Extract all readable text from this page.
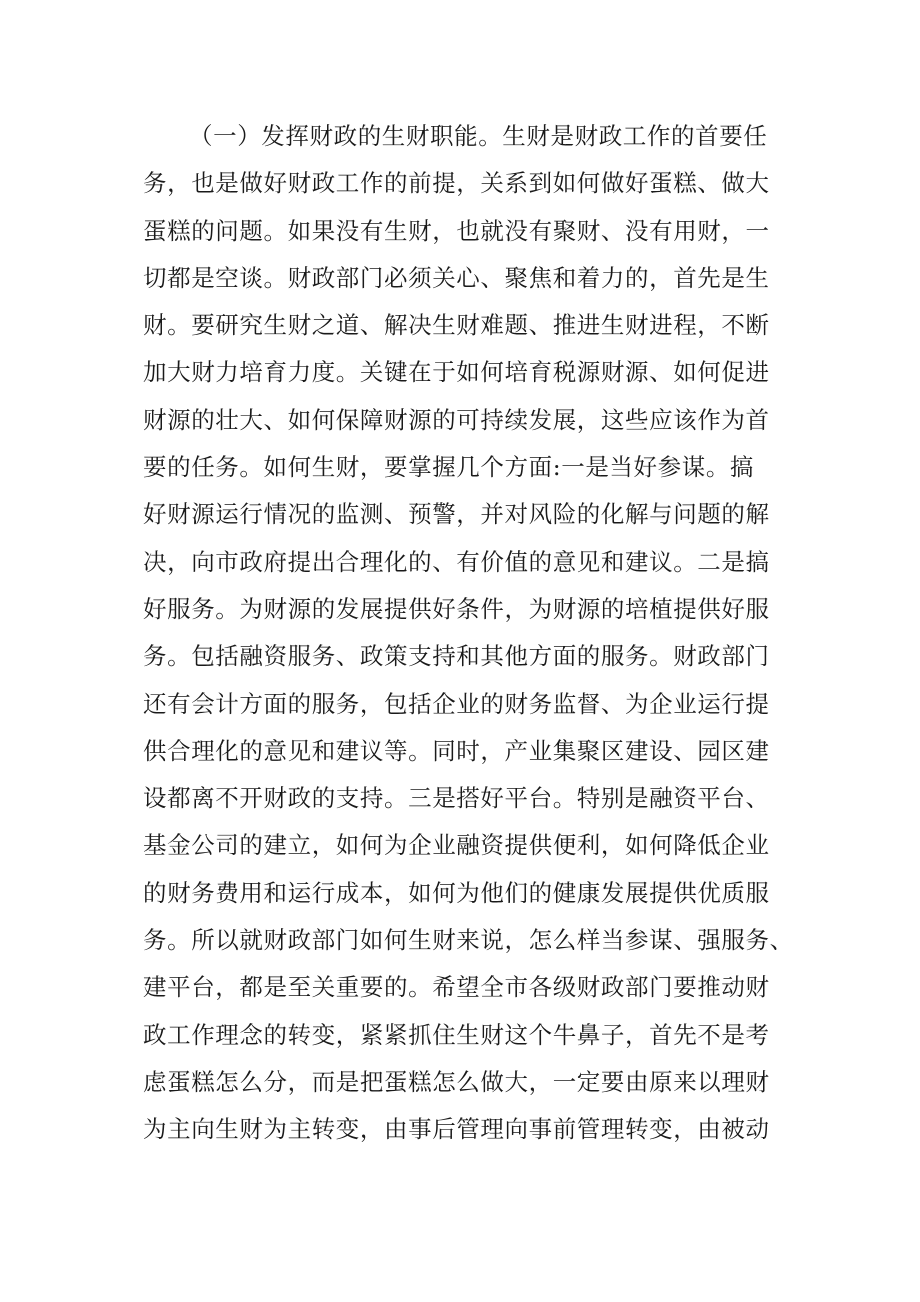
（一）发挥财政的生财职能。生财是财政工作的首要任
务，也是做好财政工作的前提，关系到如何做好蛋糕、做大
蛋糕的问题。如果没有生财，也就没有聚财、没有用财，一
切都是空谈。财政部门必须关心、聚焦和着力的，首先是生
财。要研究生财之道、解决生财难题、推进生财进程，不断
加大财力培育力度。关键在于如何培育税源财源、如何促进
财源的壮大、如何保障财源的可持续发展，这些应该作为首
要的任务。如何生财，要掌握几个方面:一是当好参谋。搞
好财源运行情况的监测、预警，并对风险的化解与问题的解
决，向市政府提出合理化的、有价值的意见和建议。二是搞
好服务。为财源的发展提供好条件，为财源的培植提供好服
务。包括融资服务、政策支持和其他方面的服务。财政部门
还有会计方面的服务，包括企业的财务监督、为企业运行提
供合理化的意见和建议等。同时，产业集聚区建设、园区建
设都离不开财政的支持。三是搭好平台。特别是融资平台、
基金公司的建立，如何为企业融资提供便利，如何降低企业
的财务费用和运行成本，如何为他们的健康发展提供优质服
务。所以就财政部门如何生财来说，怎么样当参谋、强服务、
建平台，都是至关重要的。希望全市各级财政部门要推动财
政工作理念的转变，紧紧抓住生财这个牛鼻子，首先不是考
虑蛋糕怎么分，而是把蛋糕怎么做大，一定要由原来以理财
为主向生财为主转变，由事后管理向事前管理转变，由被动
